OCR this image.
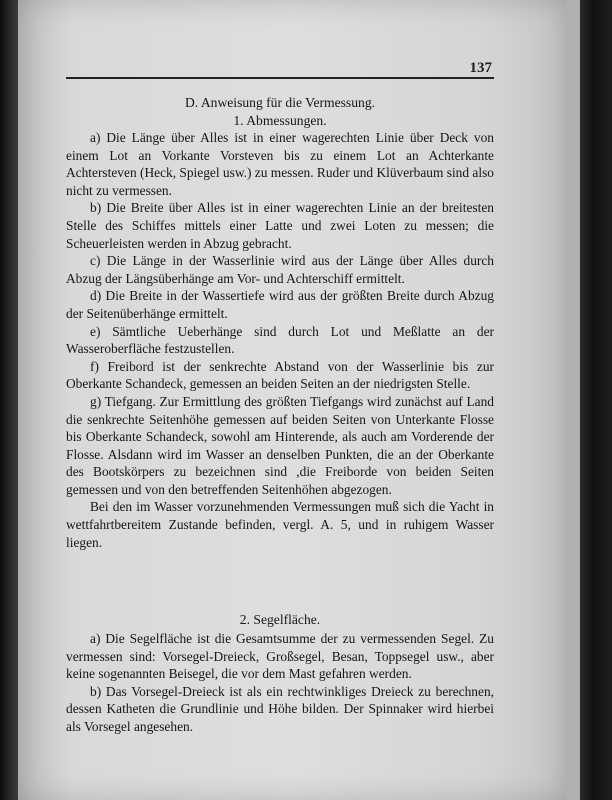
137
D. Anweisung für die Vermessung.
1. Abmessungen.

a) Die Länge über Alles ist in einer wagerechten Linie über Deck von einem Lot an Vorkante Vorsteven bis zu einem Lot an Achterkante Achtersteven (Heck, Spiegel usw.) zu messen. Ruder und Klüverbaum sind also nicht zu vermessen.

b) Die Breite über Alles ist in einer wagerechten Linie an der breitesten Stelle des Schiffes mittels einer Latte und zwei Loten zu messen; die Scheuerleisten werden in Abzug gebracht.

c) Die Länge in der Wasserlinie wird aus der Länge über Alles durch Abzug der Längsüberhänge am Vor- und Achterschiff ermittelt.

d) Die Breite in der Wassertiefe wird aus der größten Breite durch Abzug der Seitenüberhänge ermittelt.

e) Sämtliche Ueberhänge sind durch Lot und Meßlatte an der Wasseroberfläche festzustellen.

f) Freibord ist der senkrechte Abstand von der Wasserlinie bis zur Oberkante Schandeck, gemessen an beiden Seiten an der niedrigsten Stelle.

g) Tiefgang. Zur Ermittlung des größten Tiefgangs wird zunächst auf Land die senkrechte Seitenhöhe gemessen auf beiden Seiten von Unterkante Flosse bis Oberkante Schandeck, sowohl am Hinterende, als auch am Vorderende der Flosse. Alsdann wird im Wasser an denselben Punkten, die an der Oberkante des Bootskörpers zu bezeichnen sind ,die Freiborde von beiden Seiten gemessen und von den betreffenden Seitenhöhen abgezogen.

Bei den im Wasser vorzunehmenden Vermessungen muß sich die Yacht in wettfahrtbereitem Zustande befinden, vergl. A. 5, und in ruhigem Wasser liegen.

2. Segelfläche.

a) Die Segelfläche ist die Gesamtsumme der zu vermessenden Segel. Zu vermessen sind: Vorsegel-Dreieck, Großsegel, Besan, Toppsegel usw., aber keine sogenannten Beisegel, die vor dem Mast gefahren werden.

b) Das Vorsegel-Dreieck ist als ein rechtwinkliges Dreieck zu berechnen, dessen Katheten die Grundlinie und Höhe bilden. Der Spinnaker wird hierbei als Vorsegel angesehen.
